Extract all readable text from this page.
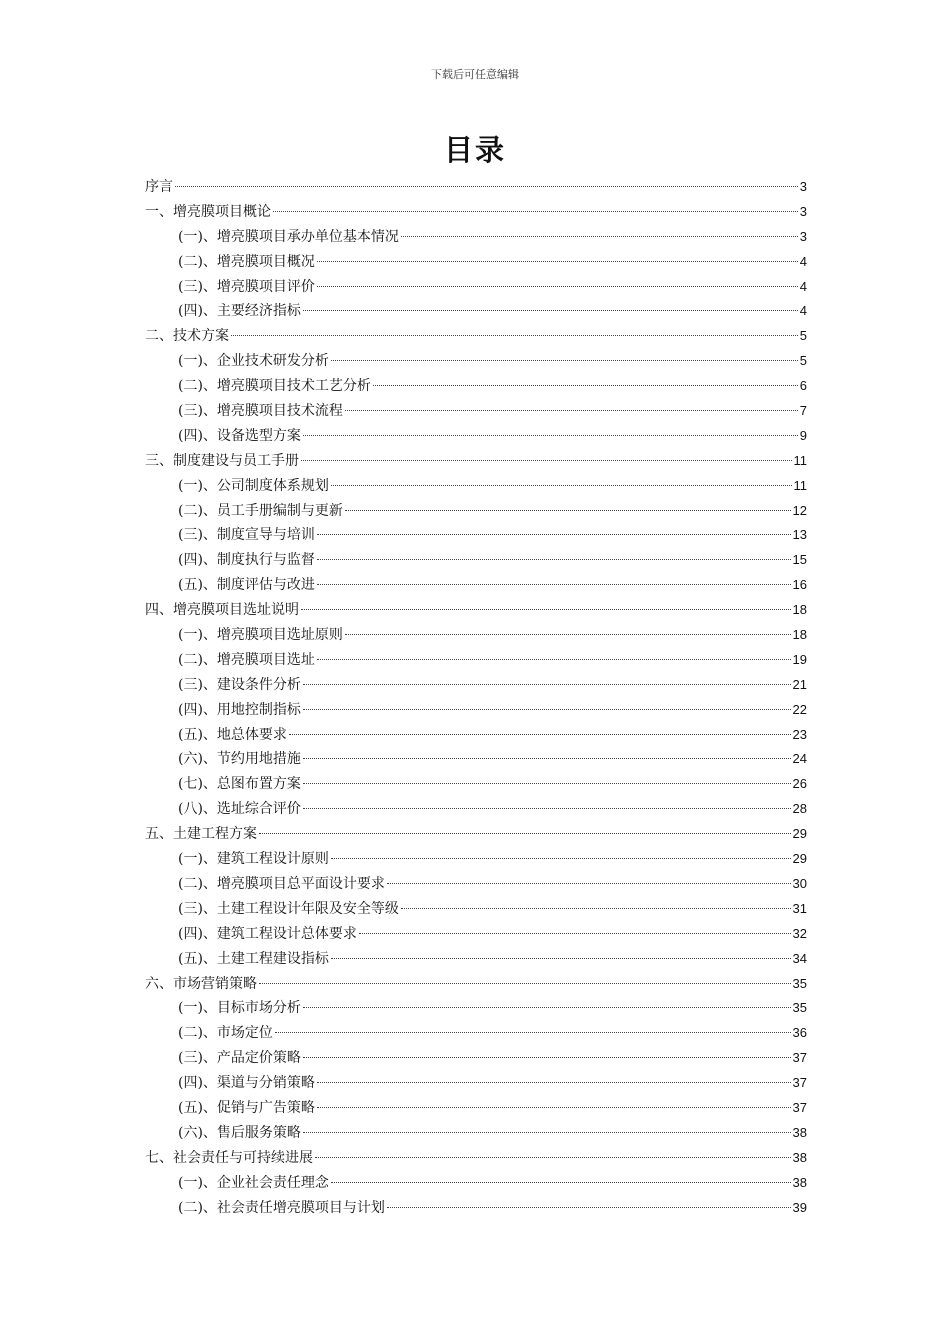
下载后可任意编辑
目录
序言	3
一、增亮膜项目概论	3
(一)、增亮膜项目承办单位基本情况	3
(二)、增亮膜项目概况	4
(三)、增亮膜项目评价	4
(四)、主要经济指标	4
二、技术方案	5
(一)、企业技术研发分析	5
(二)、增亮膜项目技术工艺分析	6
(三)、增亮膜项目技术流程	7
(四)、设备选型方案	9
三、制度建设与员工手册	11
(一)、公司制度体系规划	11
(二)、员工手册编制与更新	12
(三)、制度宣导与培训	13
(四)、制度执行与监督	15
(五)、制度评估与改进	16
四、增亮膜项目选址说明	18
(一)、增亮膜项目选址原则	18
(二)、增亮膜项目选址	19
(三)、建设条件分析	21
(四)、用地控制指标	22
(五)、地总体要求	23
(六)、节约用地措施	24
(七)、总图布置方案	26
(八)、选址综合评价	28
五、土建工程方案	29
(一)、建筑工程设计原则	29
(二)、增亮膜项目总平面设计要求	30
(三)、土建工程设计年限及安全等级	31
(四)、建筑工程设计总体要求	32
(五)、土建工程建设指标	34
六、市场营销策略	35
(一)、目标市场分析	35
(二)、市场定位	36
(三)、产品定价策略	37
(四)、渠道与分销策略	37
(五)、促销与广告策略	37
(六)、售后服务策略	38
七、社会责任与可持续进展	38
(一)、企业社会责任理念	38
(二)、社会责任增亮膜项目与计划	39
